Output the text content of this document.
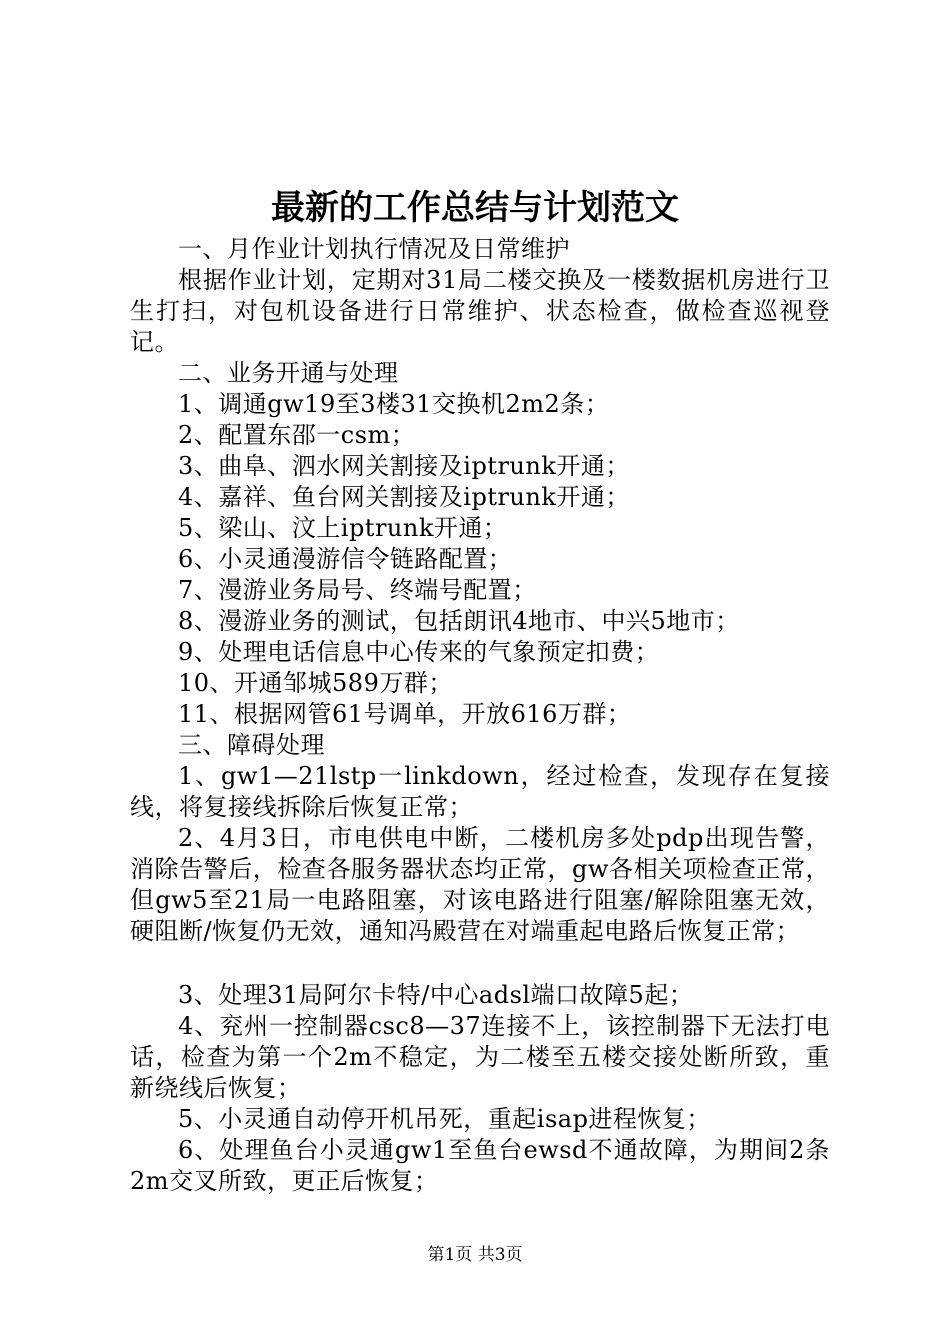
最新的工作总结与计划范文

一、月作业计划执行情况及日常维护

根据作业计划，定期对31局二楼交换及一楼数据机房进行卫生打扫，对包机设备进行日常维护、状态检查，做检查巡视登记。

二、业务开通与处理

1、调通gw19至3楼31交换机2m2条；

2、配置东邵一csm；

3、曲阜、泗水网关割接及iptrunk开通；

4、嘉祥、鱼台网关割接及iptrunk开通；

5、梁山、汶上iptrunk开通；

6、小灵通漫游信令链路配置；

7、漫游业务局号、终端号配置；

8、漫游业务的测试，包括朗讯4地市、中兴5地市；

9、处理电话信息中心传来的气象预定扣费；

10、开通邹城589万群；

11、根据网管61号调单，开放616万群；

三、障碍处理

1、gw1—21lstp一linkdown，经过检查，发现存在复接线，将复接线拆除后恢复正常；

2、4月3日，市电供电中断，二楼机房多处pdp出现告警，消除告警后，检查各服务器状态均正常，gw各相关项检查正常，但gw5至21局一电路阻塞，对该电路进行阻塞/解除阻塞无效，硬阻断/恢复仍无效，通知冯殿营在对端重起电路后恢复正常；

3、处理31局阿尔卡特/中心adsl端口故障5起；

4、兖州一控制器csc8—37连接不上，该控制器下无法打电话，检查为第一个2m不稳定，为二楼至五楼交接处断所致，重新绕线后恢复；

5、小灵通自动停开机吊死，重起isap进程恢复；

6、处理鱼台小灵通gw1至鱼台ewsd不通故障，为期间2条2m交叉所致，更正后恢复；

第1页 共3页
